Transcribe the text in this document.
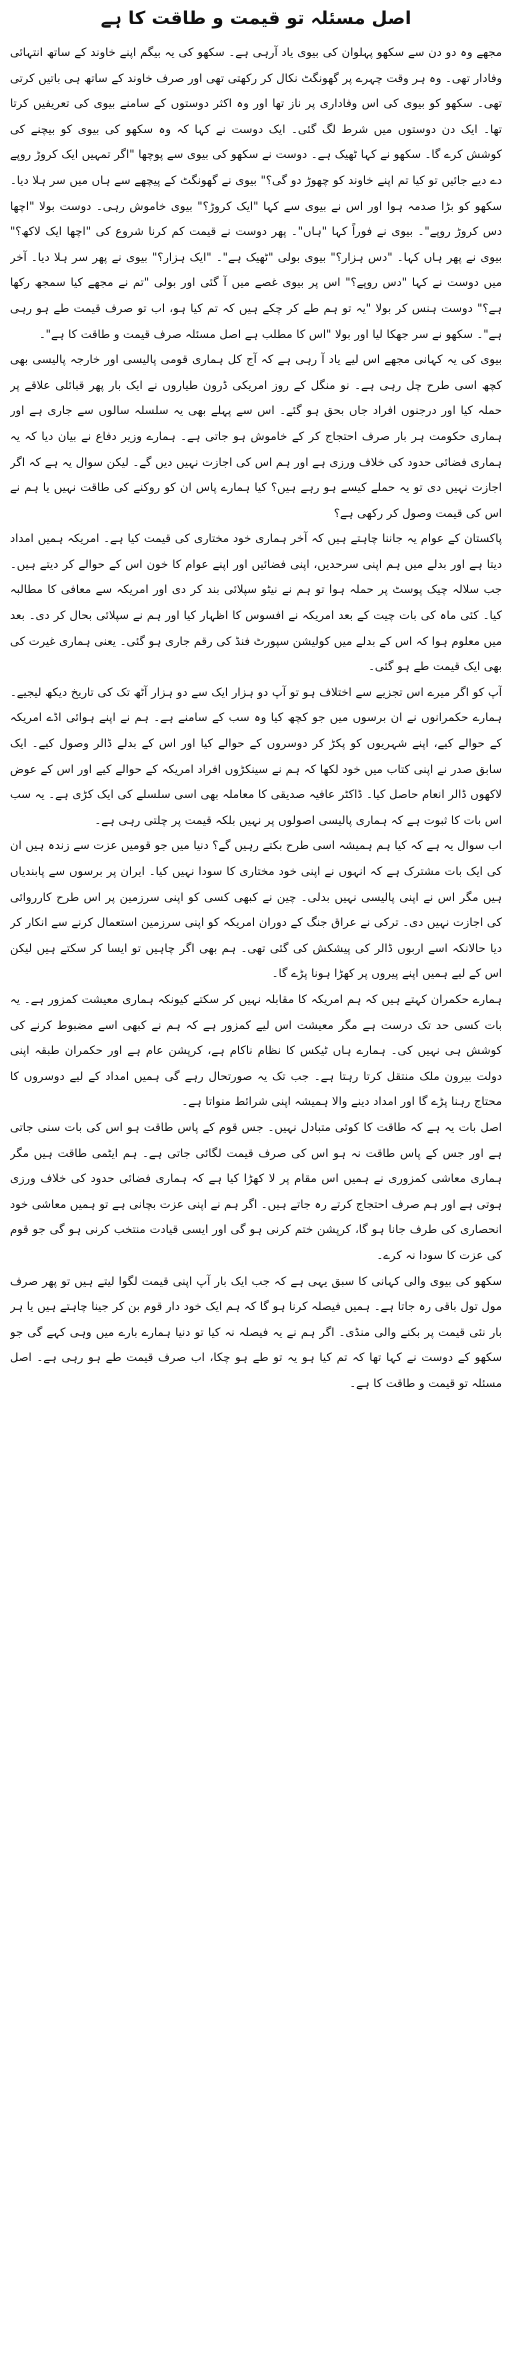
اصل مسئلہ تو قیمت و طاقت کا ہے

مجھے وہ دو دن سے سکھو پہلوان کی بیوی یاد آرہی ہے۔ سکھو کی یہ بیگم اپنے خاوند کے ساتھ انتہائی وفادار تھی۔ وہ ہر وقت چہرے پر گھونگٹ نکال کر رکھتی تھی اور صرف خاوند کے ساتھ ہی باتیں کرتی تھی۔ سکھو کو بیوی کی اس وفاداری پر ناز تھا اور وہ اکثر دوستوں کے سامنے بیوی کی تعریفیں کرتا تھا۔ ایک دن دوستوں میں شرط لگ گئی۔ ایک دوست نے کہا کہ وہ سکھو کی بیوی کو بیچنے کی کوشش کرے گا۔ سکھو نے کہا ٹھیک ہے۔ دوست نے سکھو کی بیوی سے پوچھا "اگر تمہیں ایک کروڑ روپے دے دیے جائیں تو کیا تم اپنے خاوند کو چھوڑ دو گی؟" بیوی نے گھونگٹ کے پیچھے سے ہاں میں سر ہلا دیا۔ سکھو کو بڑا صدمہ ہوا اور اس نے بیوی سے کہا "ایک کروڑ؟" بیوی خاموش رہی۔ دوست بولا "اچھا دس کروڑ روپے"۔ بیوی نے فوراً کہا "ہاں"۔ پھر دوست نے قیمت کم کرنا شروع کی "اچھا ایک لاکھ؟" بیوی نے پھر ہاں کہا۔ "دس ہزار؟" بیوی بولی "ٹھیک ہے"۔ "ایک ہزار؟" بیوی نے پھر سر ہلا دیا۔ آخر میں دوست نے کہا "دس روپے؟" اس پر بیوی غصے میں آ گئی اور بولی "تم نے مجھے کیا سمجھ رکھا ہے؟" دوست ہنس کر بولا "یہ تو ہم طے کر چکے ہیں کہ تم کیا ہو، اب تو صرف قیمت طے ہو رہی ہے"۔ سکھو نے سر جھکا لیا اور بولا "اس کا مطلب ہے اصل مسئلہ صرف قیمت و طاقت کا ہے"۔

بیوی کی یہ کہانی مجھے اس لیے یاد آ رہی ہے کہ آج کل ہماری قومی پالیسی اور خارجہ پالیسی بھی کچھ اسی طرح چل رہی ہے۔ نو منگل کے روز امریکی ڈرون طیاروں نے ایک بار پھر قبائلی علاقے پر حملہ کیا اور درجنوں افراد جاں بحق ہو گئے۔ اس سے پہلے بھی یہ سلسلہ سالوں سے جاری ہے اور ہماری حکومت ہر بار صرف احتجاج کر کے خاموش ہو جاتی ہے۔ ہمارے وزیر دفاع نے بیان دیا کہ یہ ہماری فضائی حدود کی خلاف ورزی ہے اور ہم اس کی اجازت نہیں دیں گے۔ لیکن سوال یہ ہے کہ اگر اجازت نہیں دی تو یہ حملے کیسے ہو رہے ہیں؟ کیا ہمارے پاس ان کو روکنے کی طاقت نہیں یا ہم نے اس کی قیمت وصول کر رکھی ہے؟

پاکستان کے عوام یہ جاننا چاہتے ہیں کہ آخر ہماری خود مختاری کی قیمت کیا ہے۔ امریکہ ہمیں امداد دیتا ہے اور بدلے میں ہم اپنی سرحدیں، اپنی فضائیں اور اپنے عوام کا خون اس کے حوالے کر دیتے ہیں۔ جب سلالہ چیک پوسٹ پر حملہ ہوا تو ہم نے نیٹو سپلائی بند کر دی اور امریکہ سے معافی کا مطالبہ کیا۔ کئی ماہ کی بات چیت کے بعد امریکہ نے افسوس کا اظہار کیا اور ہم نے سپلائی بحال کر دی۔ بعد میں معلوم ہوا کہ اس کے بدلے میں کولیشن سپورٹ فنڈ کی رقم جاری ہو گئی۔ یعنی ہماری غیرت کی بھی ایک قیمت طے ہو گئی۔

آپ کو اگر میرے اس تجزیے سے اختلاف ہو تو آپ دو ہزار ایک سے دو ہزار آٹھ تک کی تاریخ دیکھ لیجیے۔ ہمارے حکمرانوں نے ان برسوں میں جو کچھ کیا وہ سب کے سامنے ہے۔ ہم نے اپنے ہوائی اڈے امریکہ کے حوالے کیے، اپنے شہریوں کو پکڑ کر دوسروں کے حوالے کیا اور اس کے بدلے ڈالر وصول کیے۔ ایک سابق صدر نے اپنی کتاب میں خود لکھا کہ ہم نے سینکڑوں افراد امریکہ کے حوالے کیے اور اس کے عوض لاکھوں ڈالر انعام حاصل کیا۔ ڈاکٹر عافیہ صدیقی کا معاملہ بھی اسی سلسلے کی ایک کڑی ہے۔ یہ سب اس بات کا ثبوت ہے کہ ہماری پالیسی اصولوں پر نہیں بلکہ قیمت پر چلتی رہی ہے۔

اب سوال یہ ہے کہ کیا ہم ہمیشہ اسی طرح بکتے رہیں گے؟ دنیا میں جو قومیں عزت سے زندہ ہیں ان کی ایک بات مشترک ہے کہ انہوں نے اپنی خود مختاری کا سودا نہیں کیا۔ ایران پر برسوں سے پابندیاں ہیں مگر اس نے اپنی پالیسی نہیں بدلی۔ چین نے کبھی کسی کو اپنی سرزمین پر اس طرح کارروائی کی اجازت نہیں دی۔ ترکی نے عراق جنگ کے دوران امریکہ کو اپنی سرزمین استعمال کرنے سے انکار کر دیا حالانکہ اسے اربوں ڈالر کی پیشکش کی گئی تھی۔ ہم بھی اگر چاہیں تو ایسا کر سکتے ہیں لیکن اس کے لیے ہمیں اپنے پیروں پر کھڑا ہونا پڑے گا۔

ہمارے حکمران کہتے ہیں کہ ہم امریکہ کا مقابلہ نہیں کر سکتے کیونکہ ہماری معیشت کمزور ہے۔ یہ بات کسی حد تک درست ہے مگر معیشت اس لیے کمزور ہے کہ ہم نے کبھی اسے مضبوط کرنے کی کوشش ہی نہیں کی۔ ہمارے ہاں ٹیکس کا نظام ناکام ہے، کرپشن عام ہے اور حکمران طبقہ اپنی دولت بیرون ملک منتقل کرتا رہتا ہے۔ جب تک یہ صورتحال رہے گی ہمیں امداد کے لیے دوسروں کا محتاج رہنا پڑے گا اور امداد دینے والا ہمیشہ اپنی شرائط منواتا ہے۔

اصل بات یہ ہے کہ طاقت کا کوئی متبادل نہیں۔ جس قوم کے پاس طاقت ہو اس کی بات سنی جاتی ہے اور جس کے پاس طاقت نہ ہو اس کی صرف قیمت لگائی جاتی ہے۔ ہم ایٹمی طاقت ہیں مگر ہماری معاشی کمزوری نے ہمیں اس مقام پر لا کھڑا کیا ہے کہ ہماری فضائی حدود کی خلاف ورزی ہوتی ہے اور ہم صرف احتجاج کرتے رہ جاتے ہیں۔ اگر ہم نے اپنی عزت بچانی ہے تو ہمیں معاشی خود انحصاری کی طرف جانا ہو گا، کرپشن ختم کرنی ہو گی اور ایسی قیادت منتخب کرنی ہو گی جو قوم کی عزت کا سودا نہ کرے۔

سکھو کی بیوی والی کہانی کا سبق یہی ہے کہ جب ایک بار آپ اپنی قیمت لگوا لیتے ہیں تو پھر صرف مول تول باقی رہ جاتا ہے۔ ہمیں فیصلہ کرنا ہو گا کہ ہم ایک خود دار قوم بن کر جینا چاہتے ہیں یا ہر بار نئی قیمت پر بکنے والی منڈی۔ اگر ہم نے یہ فیصلہ نہ کیا تو دنیا ہمارے بارے میں وہی کہے گی جو سکھو کے دوست نے کہا تھا کہ تم کیا ہو یہ تو طے ہو چکا، اب صرف قیمت طے ہو رہی ہے۔ اصل مسئلہ تو قیمت و طاقت کا ہے۔
